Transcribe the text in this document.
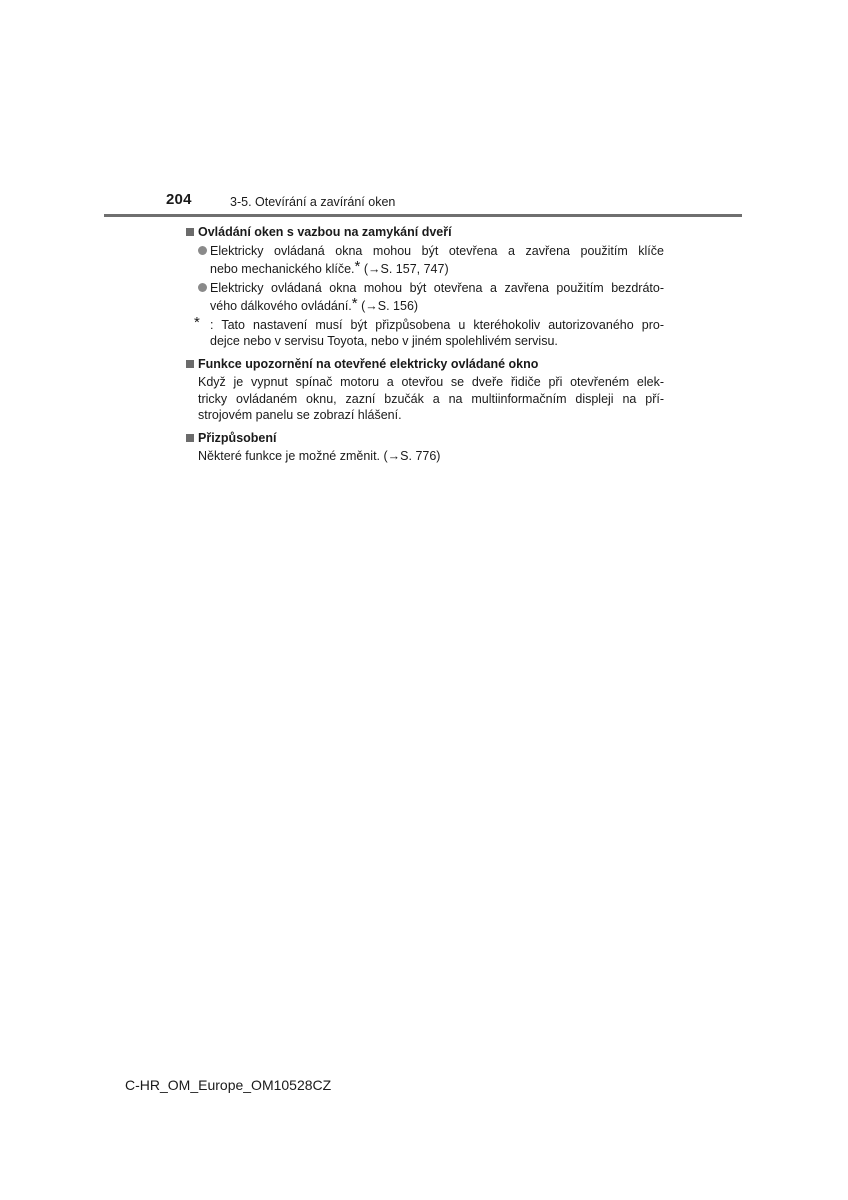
204	3-5. Otevírání a zavírání oken
Ovládání oken s vazbou na zamykání dveří
Elektricky ovládaná okna mohou být otevřena a zavřena použitím klíče
nebo mechanického klíče.* (→S. 157, 747)
Elektricky ovládaná okna mohou být otevřena a zavřena použitím bezdráto-
vého dálkového ovládání.* (→S. 156)
* : Tato nastavení musí být přizpůsobena u kteréhokoliv autorizovaného pro-
dejce nebo v servisu Toyota, nebo v jiném spolehlivém servisu.
Funkce upozornění na otevřené elektricky ovládané okno
Když je vypnut spínač motoru a otevřou se dveře řidiče při otevřeném elek-
tricky ovládaném oknu, zazní bzučák a na multiinformačním displeji na pří-
strojovém panelu se zobrazí hlášení.
Přizpůsobení
Některé funkce je možné změnit. (→S. 776)
C-HR_OM_Europe_OM10528CZ
